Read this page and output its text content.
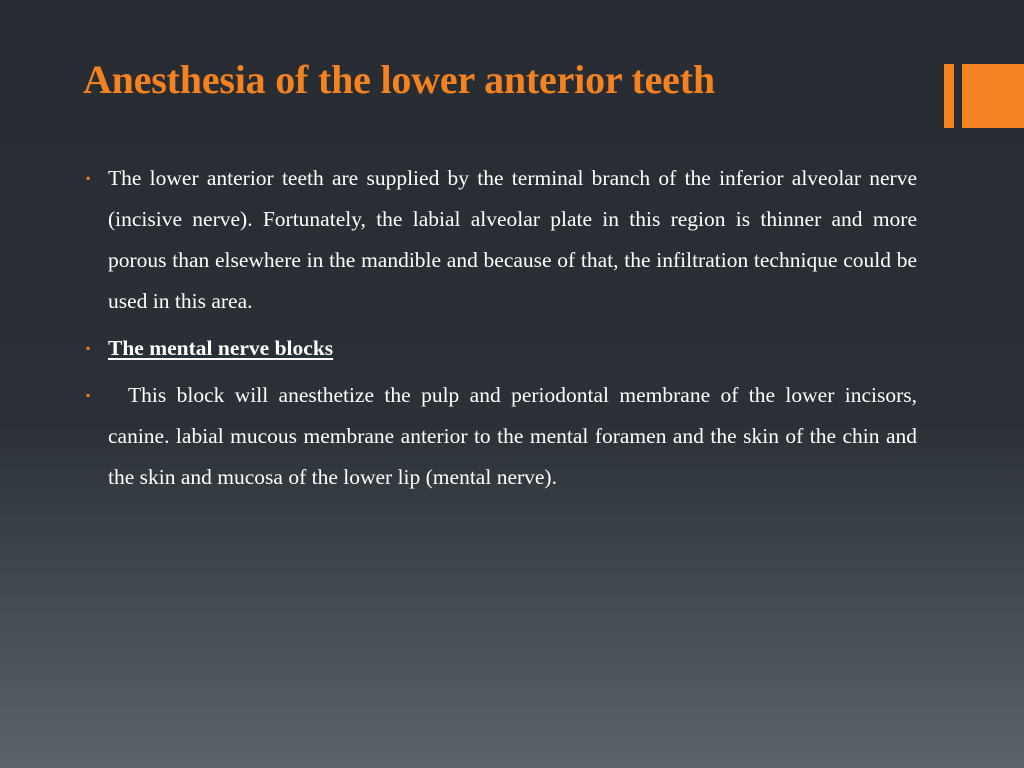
Anesthesia of the lower anterior teeth
▪ The lower anterior teeth are supplied by the terminal branch of the inferior alveolar nerve (incisive nerve). Fortunately, the labial alveolar plate in this region is thinner and more porous than elsewhere in the mandible and because of that, the infiltration technique could be used in this area.
▪ The mental nerve blocks
▪	This block will anesthetize the pulp and periodontal membrane of the lower incisors, canine. labial mucous membrane anterior to the mental foramen and the skin of the chin and the skin and mucosa of the lower lip (mental nerve).
